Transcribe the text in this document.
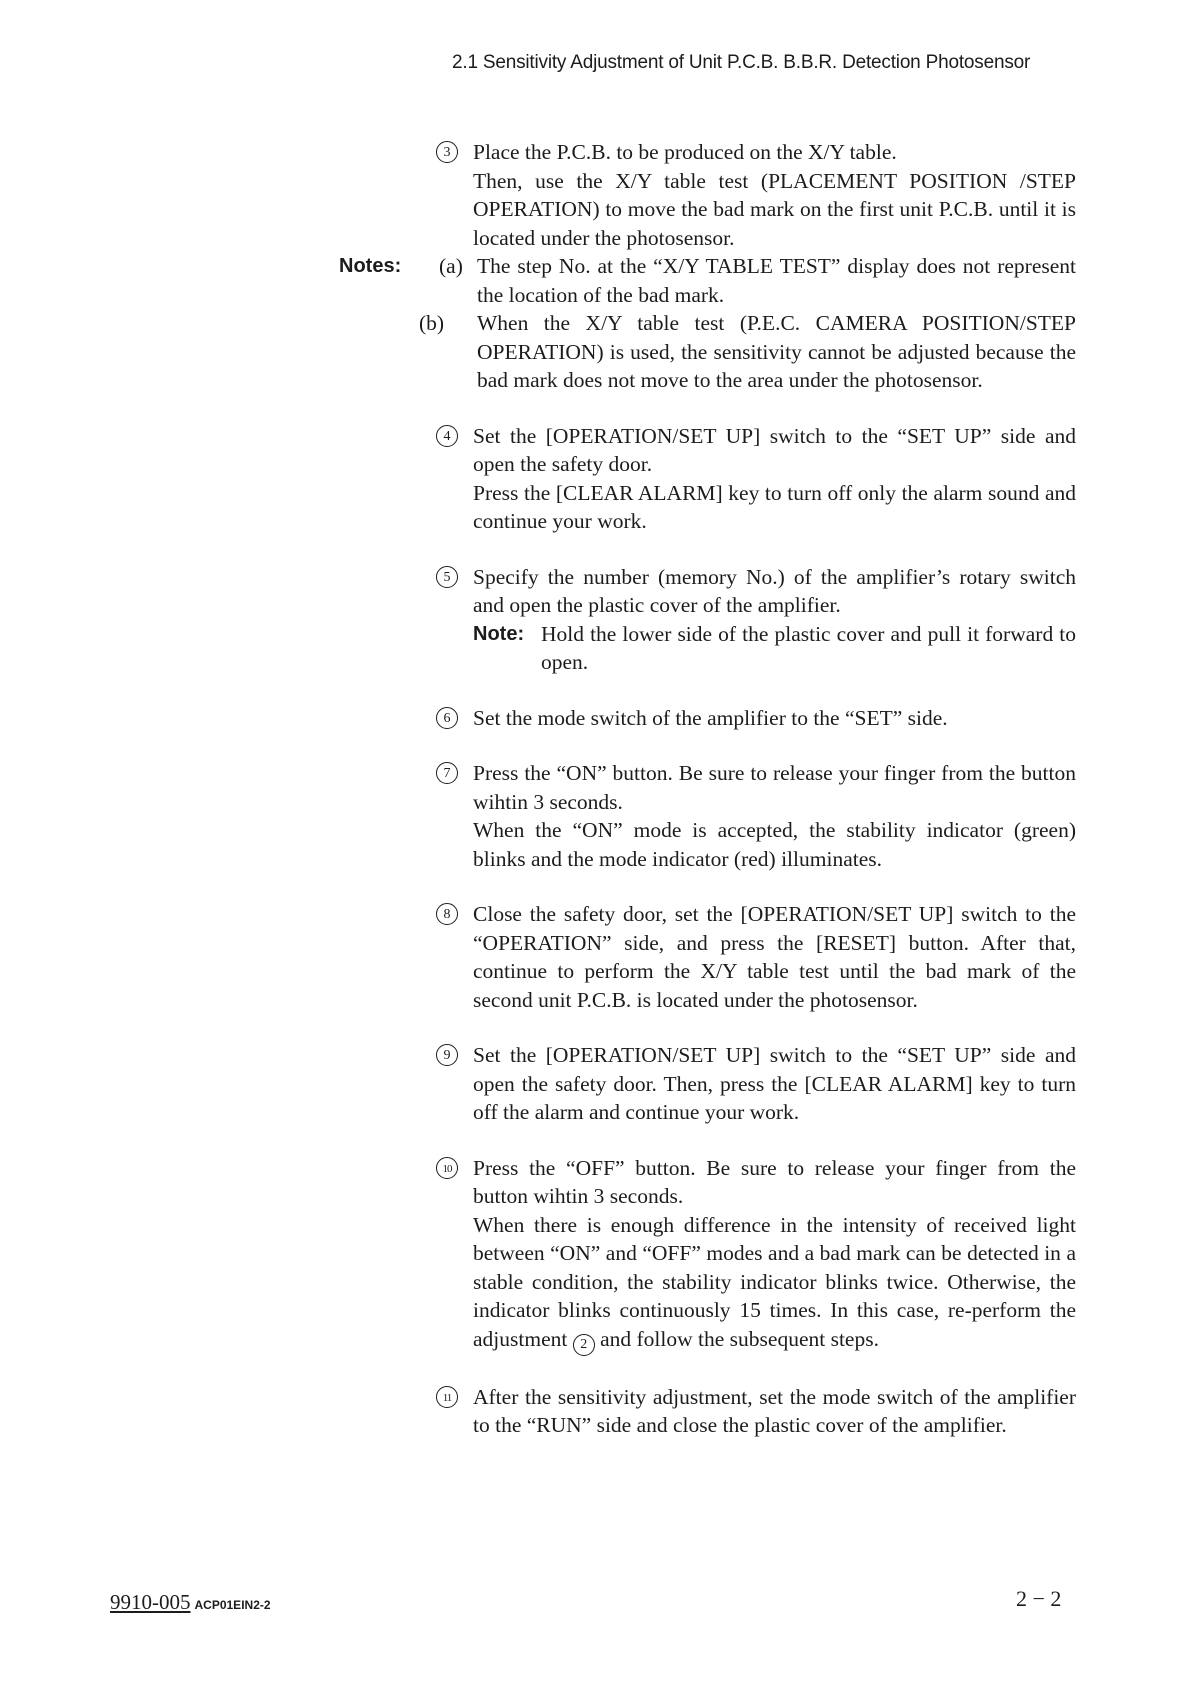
2.1 Sensitivity Adjustment of Unit P.C.B. B.B.R. Detection Photosensor
3	Place the P.C.B. to be produced on the X/Y table.

Then, use the X/Y table test (PLACEMENT POSITION /STEP OPERATION) to move the bad mark on the first unit P.C.B. until it is located under the photosensor.

Notes: (a) The step No. at the “X/Y TABLE TEST” display does not represent the location of the bad mark.
(b) When the X/Y table test (P.E.C. CAMERA POSITION/STEP OPERATION) is used, the sensitivity cannot be adjusted because the bad mark does not move to the area under the photosensor.
4	Set the [OPERATION/SET UP] switch to the “SET UP” side and open the safety door.

Press the [CLEAR ALARM] key to turn off only the alarm sound and continue your work.

5	Specify the number (memory No.) of the amplifier’s rotary switch and open the plastic cover of the amplifier.

Note: Hold the lower side of the plastic cover and pull it forward to open.
6	Set the mode switch of the amplifier to the “SET” side.

7	Press the “ON” button. Be sure to release your finger from the button wihtin 3 seconds.

When the “ON” mode is accepted, the stability indicator (green) blinks and the mode indicator (red) illuminates.

8	Close the safety door, set the [OPERATION/SET UP] switch to the “OPERATION” side, and press the [RESET] button. After that, continue to perform the X/Y table test until the bad mark of the second unit P.C.B. is located under the photosensor.

9	Set the [OPERATION/SET UP] switch to the “SET UP” side and open the safety door. Then, press the [CLEAR ALARM] key to turn off the alarm and continue your work.

10	Press the “OFF” button. Be sure to release your finger from the button wihtin 3 seconds.

When there is enough difference in the intensity of received light between “ON” and “OFF” modes and a bad mark can be detected in a stable condition, the stability indicator blinks twice. Otherwise, the indicator blinks continuously 15 times. In this case, re-perform the adjustment 2 and follow the subsequent steps.

11	After the sensitivity adjustment, set the mode switch of the amplifier to the “RUN” side and close the plastic cover of the amplifier.

9910-005 ACP01EIN2-2	2 − 2
